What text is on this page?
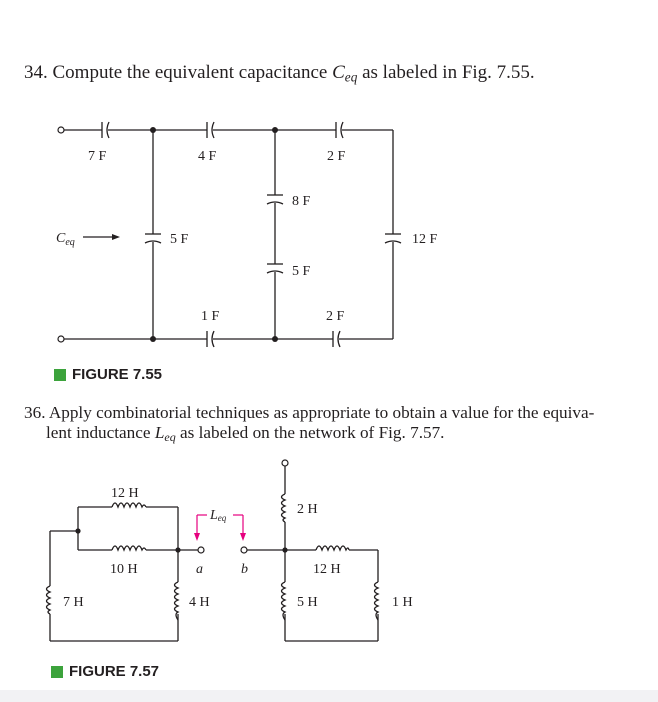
34. Compute the equivalent capacitance $C_{eq}$ as labeled in Fig. 7.55.

7 F	4 F	2 F
8 F
5 F
5 F
12 F
1 F	2 F
$C_{eq}$
12 H
10 H
7 H	4 H
2 H
12 H
5 H	1 H
a	b
Leq
FIGURE 7.55

36. Apply combinatorial techniques as appropriate to obtain a value for the equiva-
lent inductance $L_{eq}$ as labeled on the network of Fig. 7.57.

FIGURE 7.57
